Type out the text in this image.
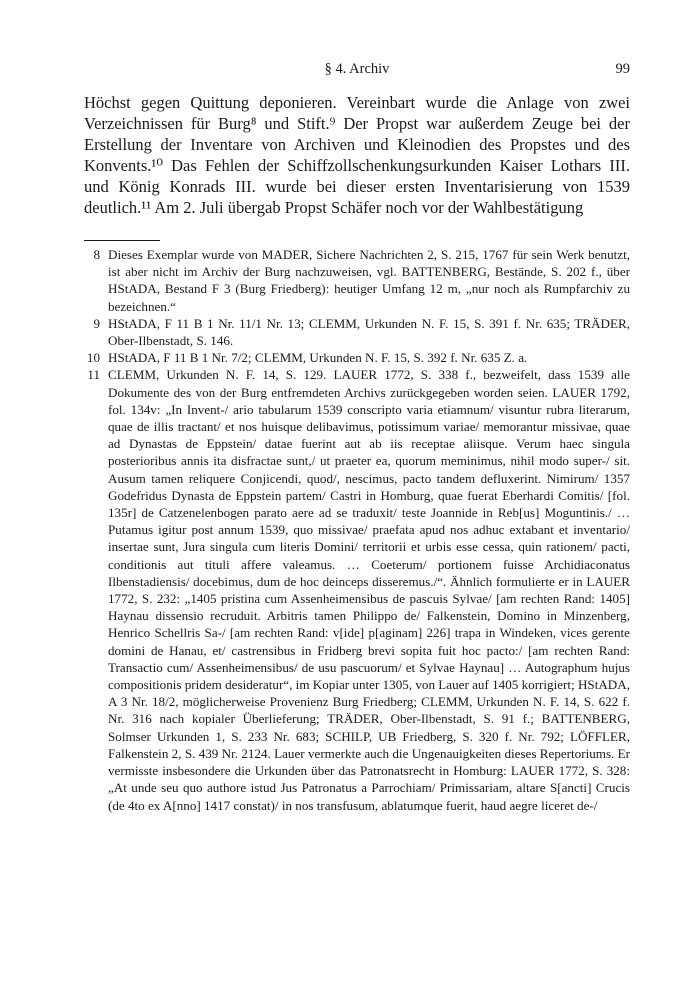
§ 4. Archiv	99

Höchst gegen Quittung deponieren. Vereinbart wurde die Anlage von zwei Verzeichnissen für Burg⁸ und Stift.⁹ Der Propst war außerdem Zeuge bei der Erstellung der Inventare von Archiven und Kleinodien des Propstes und des Konvents.¹⁰ Das Fehlen der Schiffzollschenkungsurkunden Kaiser Lothars III. und König Konrads III. wurde bei dieser ersten Inventarisierung von 1539 deutlich.¹¹ Am 2. Juli übergab Propst Schäfer noch vor der Wahlbestätigung

8 Dieses Exemplar wurde von MADER, Sichere Nachrichten 2, S. 215, 1767 für sein Werk benutzt, ist aber nicht im Archiv der Burg nachzuweisen, vgl. BATTENBERG, Bestände, S. 202 f., über HStADA, Bestand F 3 (Burg Friedberg): heutiger Umfang 12 m, „nur noch als Rumpfarchiv zu bezeichnen.“
9 HStADA, F 11 B 1 Nr. 11/1 Nr. 13; CLEMM, Urkunden N. F. 15, S. 391 f. Nr. 635; TRÄDER, Ober-Ilbenstadt, S. 146.
10 HStADA, F 11 B 1 Nr. 7/2; CLEMM, Urkunden N. F. 15, S. 392 f. Nr. 635 Z. a.
11 CLEMM, Urkunden N. F. 14, S. 129. LAUER 1772, S. 338 f., bezweifelt, dass 1539 alle Dokumente des von der Burg entfremdeten Archivs zurückgegeben worden seien. LAUER 1792, fol. 134v: „In Invent-/ ario tabularum 1539 conscripto varia etiamnum/ visuntur rubra literarum, quae de illis tractant/ et nos huisque delibavimus, potissimum variae/ memorantur missivae, quae ad Dynastas de Eppstein/ datae fuerint aut ab iis receptae aliisque. Verum haec singula posterioribus annis ita disfractae sunt,/ ut praeter ea, quorum meminimus, nihil modo super-/ sit. Ausum tamen reliquere Conjicendi, quod/, nescimus, pacto tandem defluxerint. Nimirum/ 1357 Godefridus Dynasta de Eppstein partem/ Castri in Homburg, quae fuerat Eberhardi Comitis/ [fol. 135r] de Catzenelenbogen parato aere ad se traduxit/ teste Joannide in Reb[us] Moguntinis./ … Putamus igitur post annum 1539, quo missivae/ praefata apud nos adhuc extabant et inventario/ insertae sunt, Jura singula cum literis Domini/ territorii et urbis esse cessa, quin rationem/ pacti, conditionis aut tituli affere valeamus. … Coeterum/ portionem fuisse Archidiaconatus Ilbenstadiensis/ docebimus, dum de hoc deinceps disseremus./“. Ähnlich formulierte er in LAUER 1772, S. 232: „1405 pristina cum Assenheimensibus de pascuis Sylvae/ [am rechten Rand: 1405] Haynau dissensio recruduit. Arbitris tamen Philippo de/ Falkenstein, Domino in Minzenberg, Henrico Schellris Sa-/ [am rechten Rand: v[ide] p[aginam] 226] trapa in Windeken, vices gerente domini de Hanau, et/ castrensibus in Fridberg brevi sopita fuit hoc pacto:/ [am rechten Rand: Transactio cum/ Assenheimensibus/ de usu pascuorum/ et Sylvae Haynau] … Autographum hujus compositionis pridem desideratur“, im Kopiar unter 1305, von Lauer auf 1405 korrigiert; HStADA, A 3 Nr. 18/2, möglicherweise Provenienz Burg Friedberg; CLEMM, Urkunden N. F. 14, S. 622 f. Nr. 316 nach kopialer Überlieferung; TRÄDER, Ober-Ilbenstadt, S. 91 f.; BATTENBERG, Solmser Urkunden 1, S. 233 Nr. 683; SCHILP, UB Friedberg, S. 320 f. Nr. 792; LÖFFLER, Falkenstein 2, S. 439 Nr. 2124. Lauer vermerkte auch die Ungenauigkeiten dieses Repertoriums. Er vermisste insbesondere die Urkunden über das Patronatsrecht in Homburg: LAUER 1772, S. 328: „At unde seu quo authore istud Jus Patronatus a Parrochiam/ Primissariam, altare S[ancti] Crucis (de 4to ex A[nno] 1417 constat)/ in nos transfusum, ablatumque fuerit, haud aegre liceret de-/
